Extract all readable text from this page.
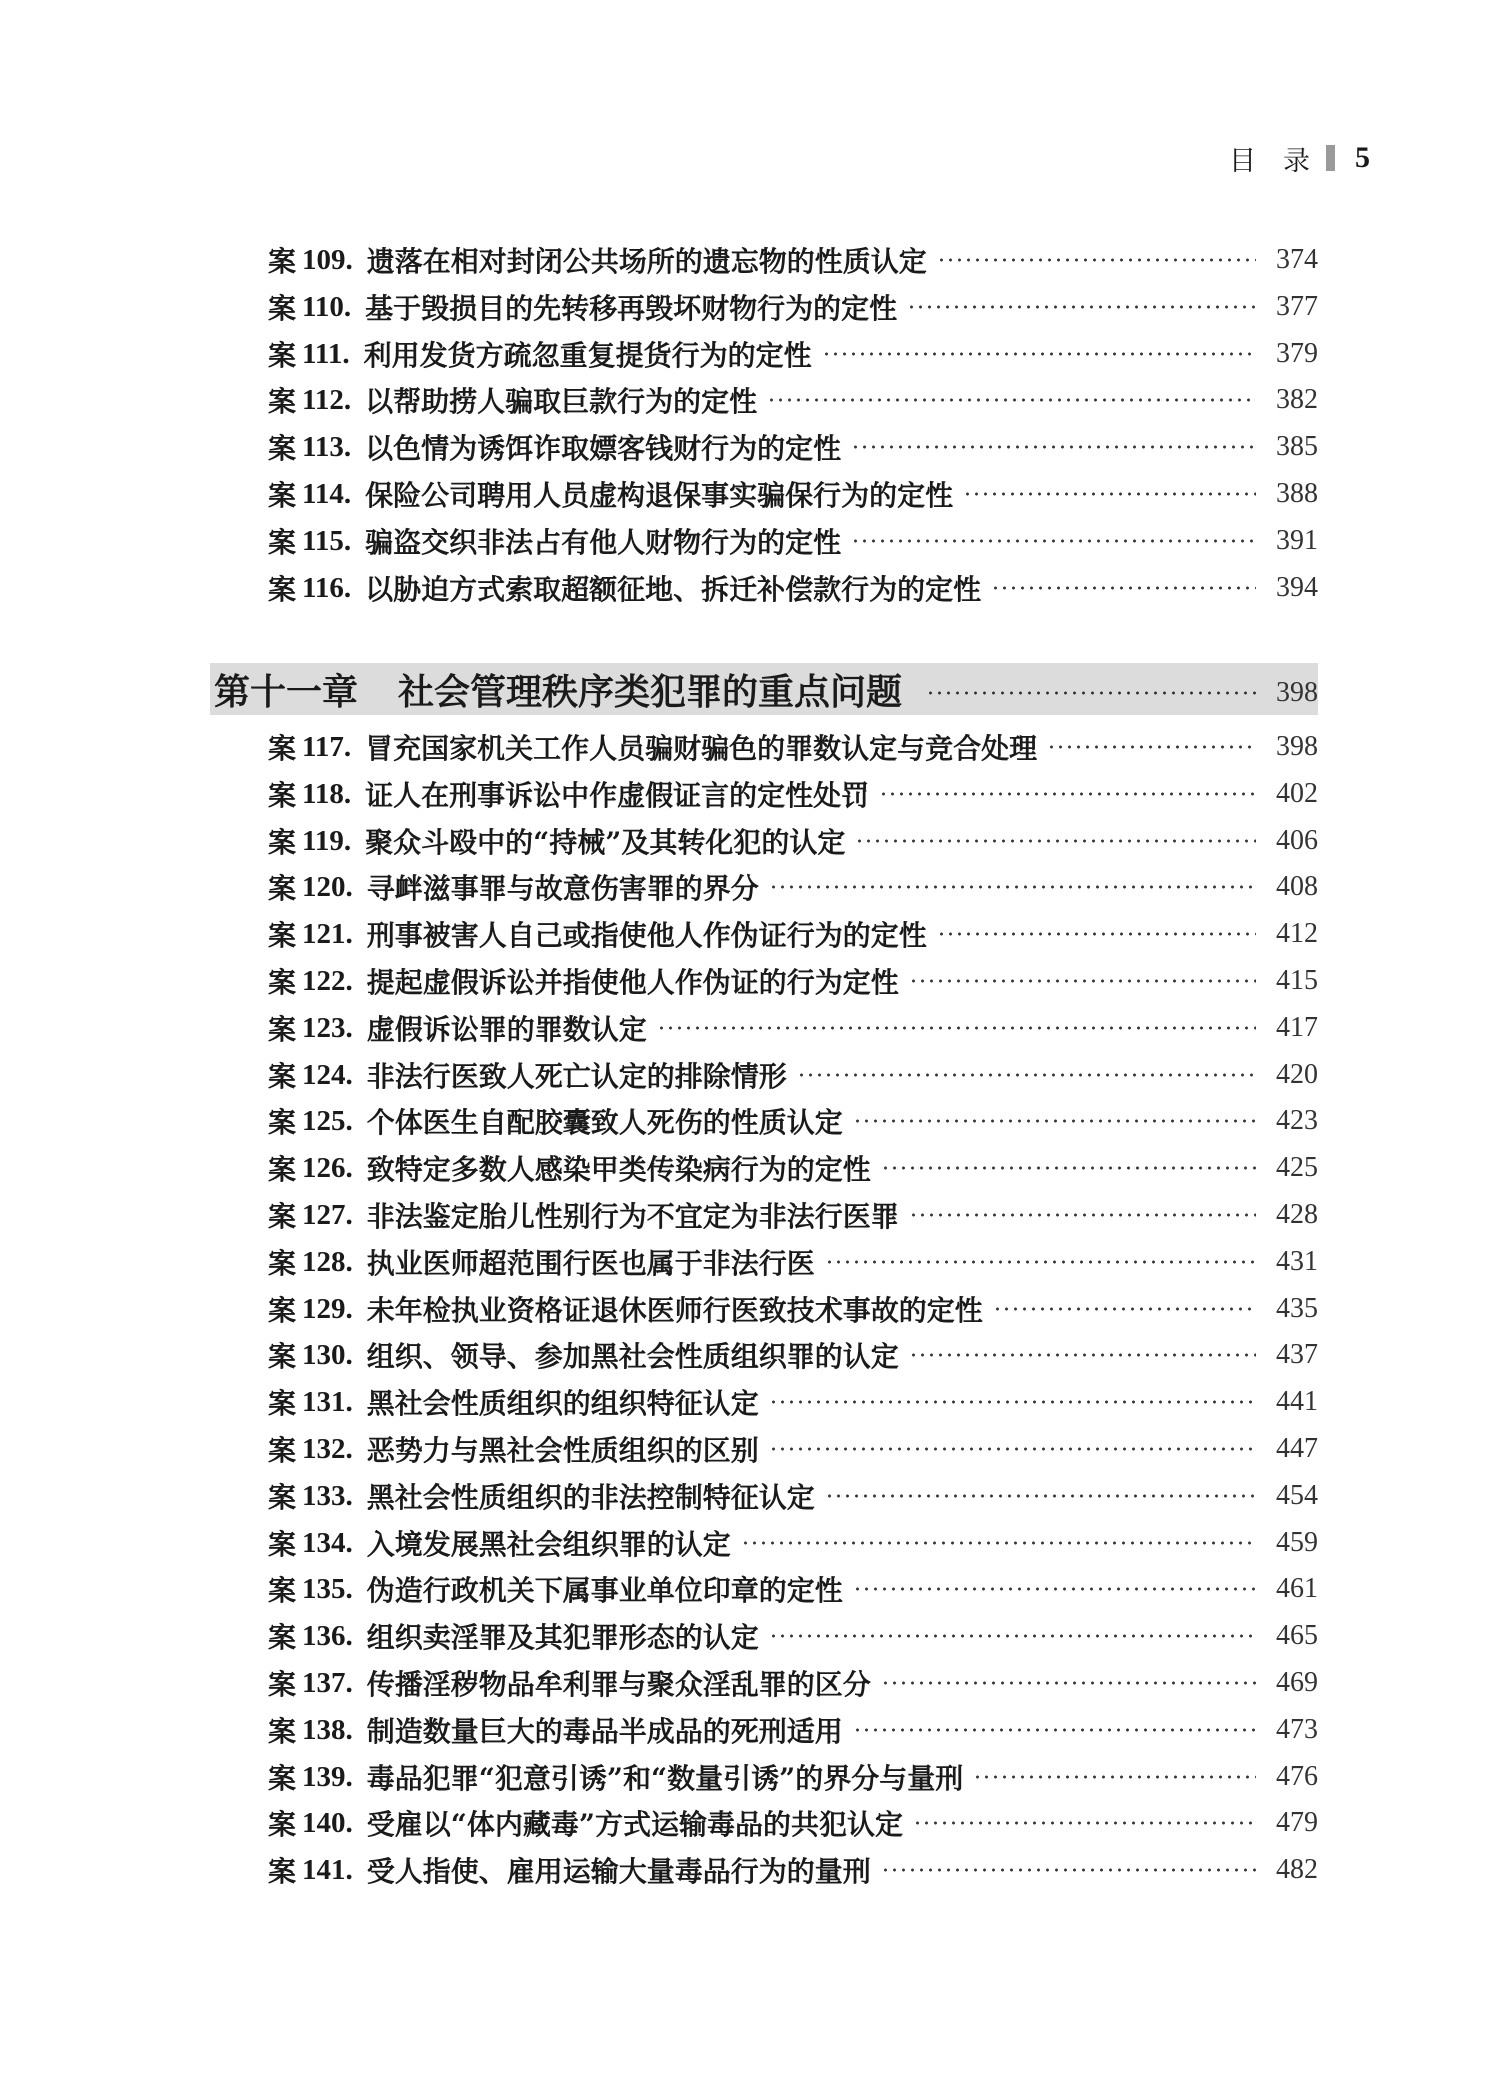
目　录 5
案 109. 遗落在相对封闭公共场所的遗忘物的性质认定	374
案 110. 基于毁损目的先转移再毁坏财物行为的定性	377
案 111. 利用发货方疏忽重复提货行为的定性	379
案 112. 以帮助捞人骗取巨款行为的定性	382
案 113. 以色情为诱饵诈取嫖客钱财行为的定性	385
案 114. 保险公司聘用人员虚构退保事实骗保行为的定性	388
案 115. 骗盗交织非法占有他人财物行为的定性	391
案 116. 以胁迫方式索取超额征地、拆迁补偿款行为的定性	394
第十一章 社会管理秩序类犯罪的重点问题	398
案 117. 冒充国家机关工作人员骗财骗色的罪数认定与竞合处理	398
案 118. 证人在刑事诉讼中作虚假证言的定性处罚	402
案 119. 聚众斗殴中的“持械”及其转化犯的认定	406
案 120. 寻衅滋事罪与故意伤害罪的界分	408
案 121. 刑事被害人自己或指使他人作伪证行为的定性	412
案 122. 提起虚假诉讼并指使他人作伪证的行为定性	415
案 123. 虚假诉讼罪的罪数认定	417
案 124. 非法行医致人死亡认定的排除情形	420
案 125. 个体医生自配胶囊致人死伤的性质认定	423
案 126. 致特定多数人感染甲类传染病行为的定性	425
案 127. 非法鉴定胎儿性别行为不宜定为非法行医罪	428
案 128. 执业医师超范围行医也属于非法行医	431
案 129. 未年检执业资格证退休医师行医致技术事故的定性	435
案 130. 组织、领导、参加黑社会性质组织罪的认定	437
案 131. 黑社会性质组织的组织特征认定	441
案 132. 恶势力与黑社会性质组织的区别	447
案 133. 黑社会性质组织的非法控制特征认定	454
案 134. 入境发展黑社会组织罪的认定	459
案 135. 伪造行政机关下属事业单位印章的定性	461
案 136. 组织卖淫罪及其犯罪形态的认定	465
案 137. 传播淫秽物品牟利罪与聚众淫乱罪的区分	469
案 138. 制造数量巨大的毒品半成品的死刑适用	473
案 139. 毒品犯罪“犯意引诱”和“数量引诱”的界分与量刑	476
案 140. 受雇以“体内藏毒”方式运输毒品的共犯认定	479
案 141. 受人指使、雇用运输大量毒品行为的量刑	482
